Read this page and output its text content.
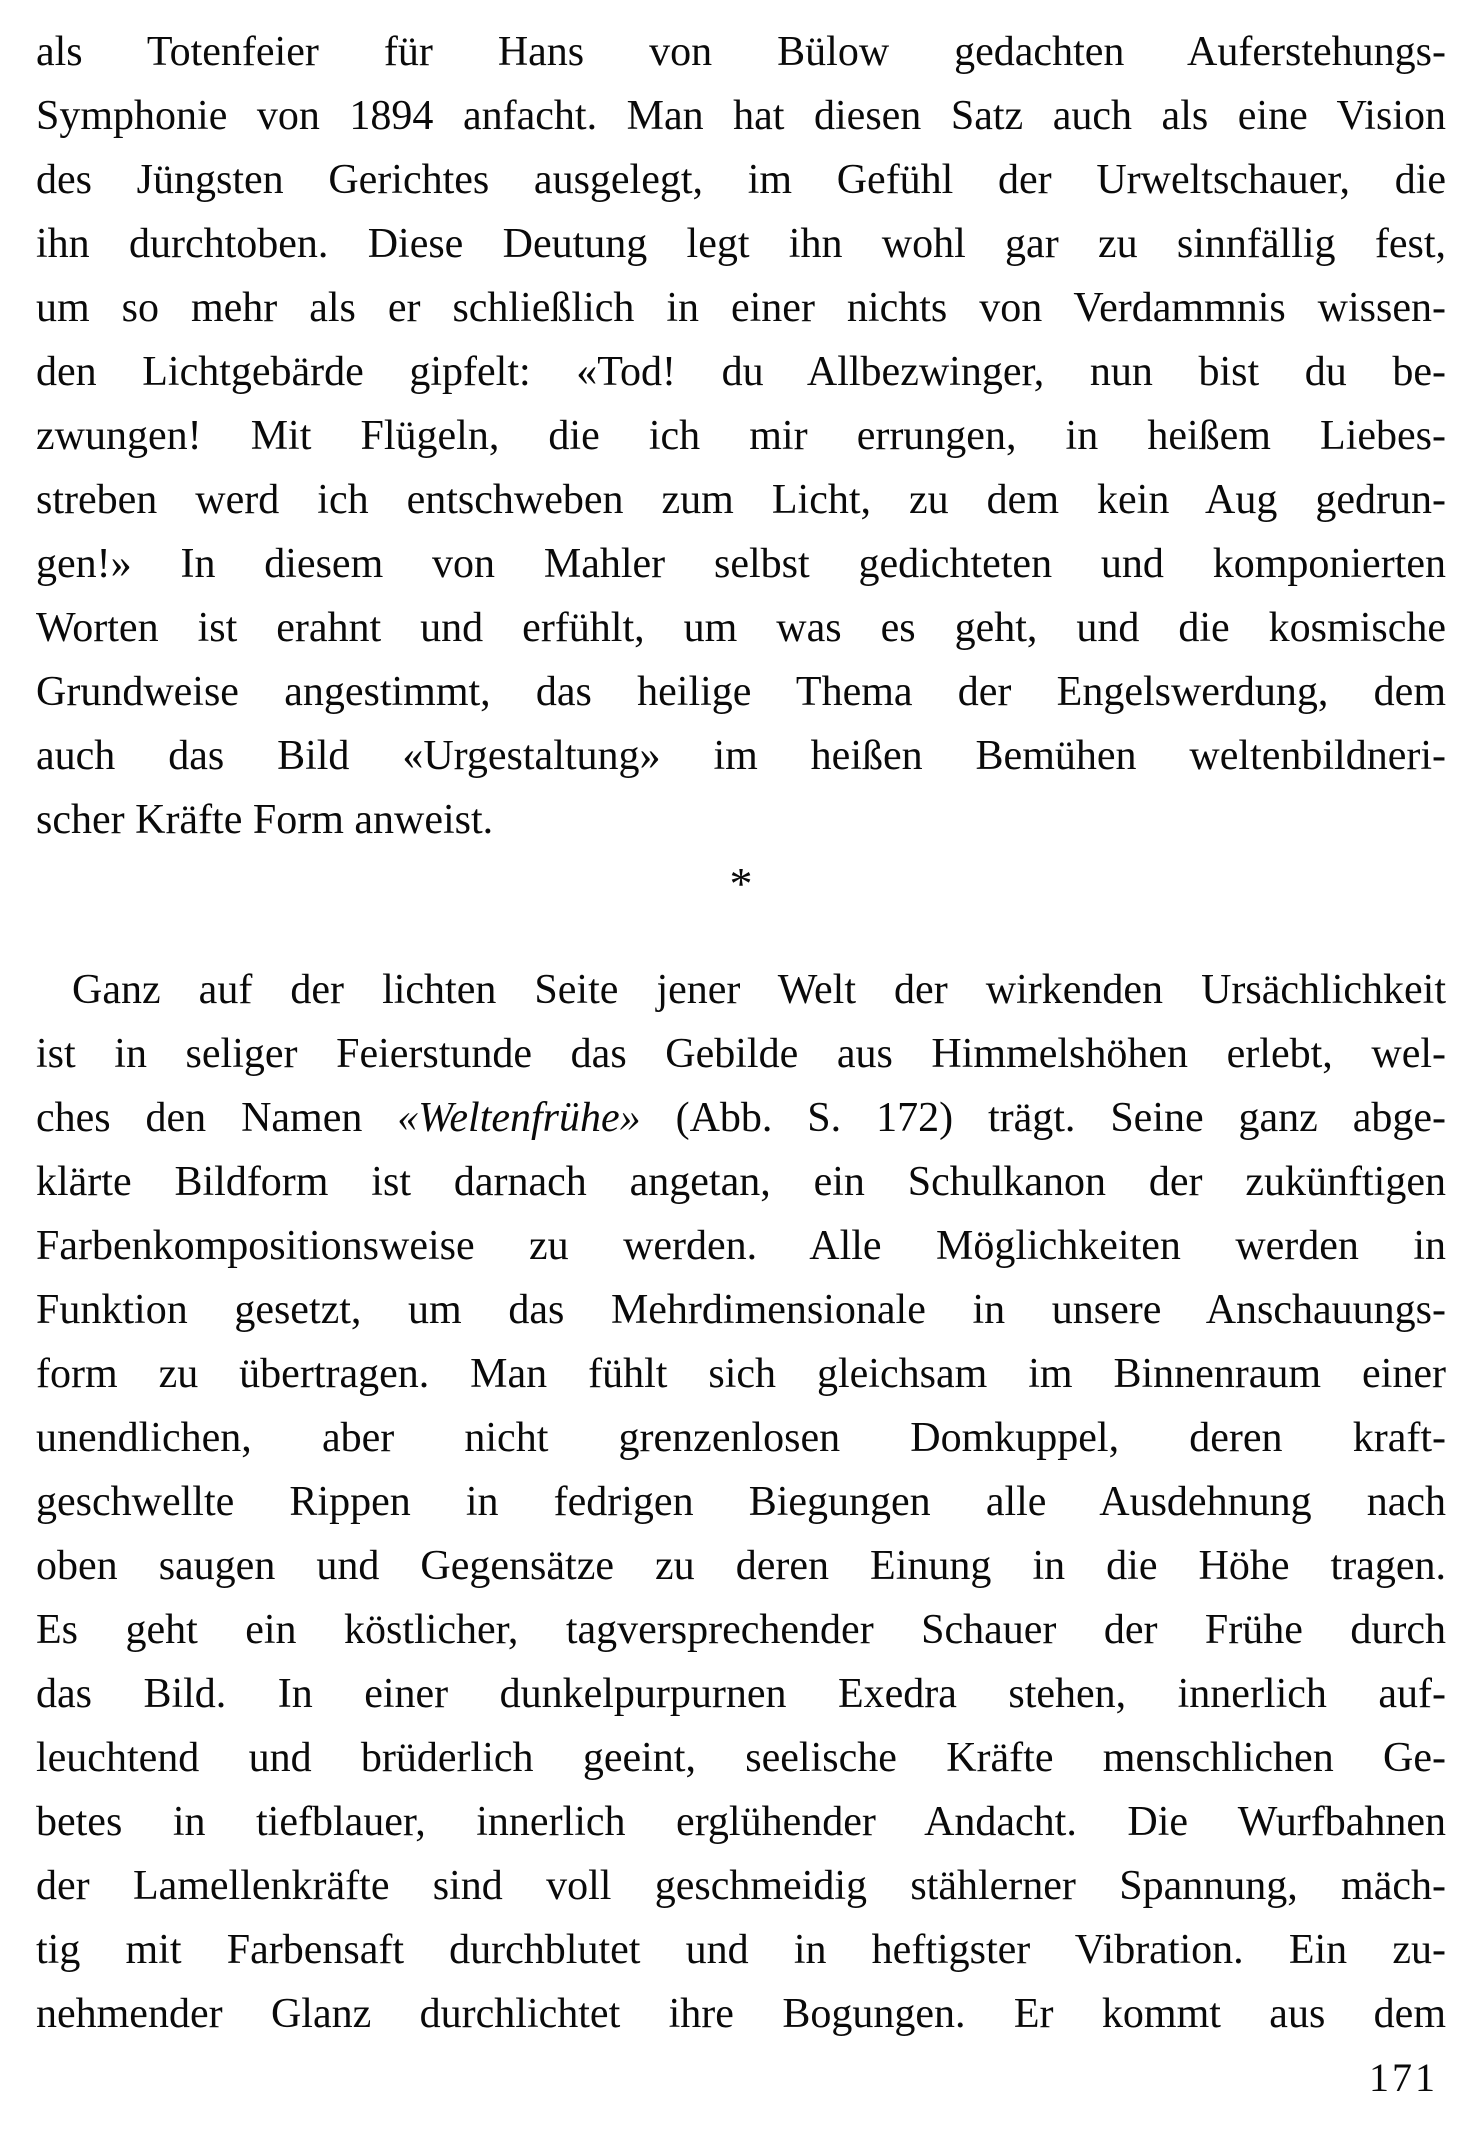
als Totenfeier für Hans von Bülow gedachten Auferstehungs-
Symphonie von 1894 anfacht. Man hat diesen Satz auch als eine Vision
des Jüngsten Gerichtes ausgelegt, im Gefühl der Urweltschauer, die
ihn durchtoben. Diese Deutung legt ihn wohl gar zu sinnfällig fest,
um so mehr als er schließlich in einer nichts von Verdammnis wissen-
den Lichtgebärde gipfelt: «Tod! du Allbezwinger, nun bist du be-
zwungen! Mit Flügeln, die ich mir errungen, in heißem Liebes-
streben werd ich entschweben zum Licht, zu dem kein Aug gedrun-
gen!» In diesem von Mahler selbst gedichteten und komponierten
Worten ist erahnt und erfühlt, um was es geht, und die kosmische
Grundweise angestimmt, das heilige Thema der Engelswerdung, dem
auch das Bild «Urgestaltung» im heißen Bemühen weltenbildneri-
scher Kräfte Form anweist.
*
Ganz auf der lichten Seite jener Welt der wirkenden Ursächlichkeit
ist in seliger Feierstunde das Gebilde aus Himmelshöhen erlebt, wel-
ches den Namen «Weltenfrühe» (Abb. S. 172) trägt. Seine ganz abge-
klärte Bildform ist darnach angetan, ein Schulkanon der zukünftigen
Farbenkompositionsweise zu werden. Alle Möglichkeiten werden in
Funktion gesetzt, um das Mehrdimensionale in unsere Anschauungs-
form zu übertragen. Man fühlt sich gleichsam im Binnenraum einer
unendlichen, aber nicht grenzenlosen Domkuppel, deren kraft-
geschwellte Rippen in fedrigen Biegungen alle Ausdehnung nach
oben saugen und Gegensätze zu deren Einung in die Höhe tragen.
Es geht ein köstlicher, tagversprechender Schauer der Frühe durch
das Bild. In einer dunkelpurpurnen Exedra stehen, innerlich auf-
leuchtend und brüderlich geeint, seelische Kräfte menschlichen Ge-
betes in tiefblauer, innerlich erglühender Andacht. Die Wurfbahnen
der Lamellenkräfte sind voll geschmeidig stählerner Spannung, mäch-
tig mit Farbensaft durchblutet und in heftigster Vibration. Ein zu-
nehmender Glanz durchlichtet ihre Bogungen. Er kommt aus dem
171
